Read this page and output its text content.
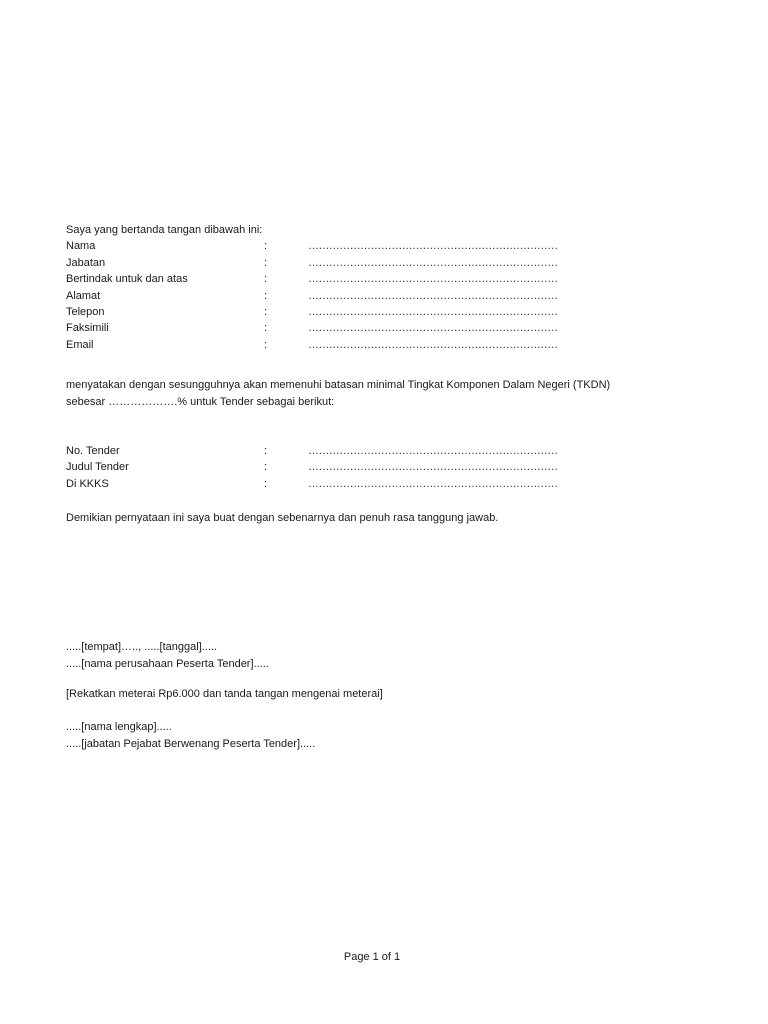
Saya yang bertanda tangan dibawah ini:
Nama	:	………………………………………………………………
Jabatan	:	………………………………………………………………
Bertindak untuk dan atas	:	………………………………………………………………
Alamat	:	………………………………………………………………
Telepon	:	………………………………………………………………
Faksimili	:	………………………………………………………………
Email	:	………………………………………………………………
menyatakan dengan sesungguhnya akan memenuhi batasan minimal Tingkat Komponen Dalam Negeri (TKDN)
sebesar ……………….% untuk Tender sebagai berikut:
No. Tender	:	………………………………………………………………
Judul Tender	:	………………………………………………………………
Di KKKS	:	………………………………………………………………
Demikian pernyataan ini saya buat dengan sebenarnya dan penuh rasa tanggung jawab.
.....[tempat]….., .....[tanggal].....
.....[nama perusahaan Peserta Tender].....
[Rekatkan meterai Rp6.000 dan tanda tangan mengenai meterai]
.....[nama lengkap].....
.....[jabatan Pejabat Berwenang Peserta Tender].....
Page 1 of 1
